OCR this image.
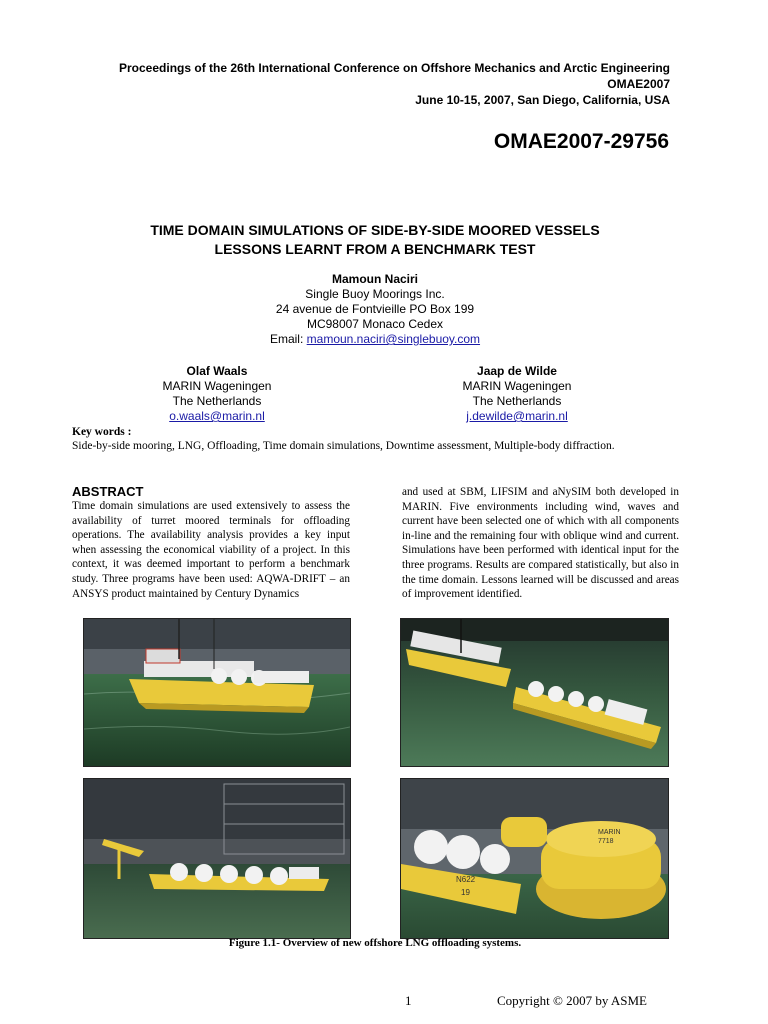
Proceedings of the 26th International Conference on Offshore Mechanics and Arctic Engineering
OMAE2007
June 10-15, 2007, San Diego, California, USA
OMAE2007-29756
TIME DOMAIN SIMULATIONS OF SIDE-BY-SIDE MOORED VESSELS
LESSONS LEARNT FROM A BENCHMARK TEST
Mamoun Naciri
Single Buoy Moorings Inc.
24 avenue de Fontvieille PO Box 199
MC98007 Monaco Cedex
Email: mamoun.naciri@singlebuoy.com
Olaf Waals
MARIN Wageningen
The Netherlands
o.waals@marin.nl
Jaap de Wilde
MARIN Wageningen
The Netherlands
j.dewilde@marin.nl
Key words :
Side-by-side mooring, LNG, Offloading, Time domain simulations, Downtime assessment, Multiple-body diffraction.
ABSTRACT
Time domain simulations are used extensively to assess the availability of turret moored terminals for offloading operations. The availability analysis provides a key input when assessing the economical viability of a project. In this context, it was deemed important to perform a benchmark study. Three programs have been used: AQWA-DRIFT – an ANSYS product maintained by Century Dynamics
and used at SBM, LIFSIM and aNySIM both developed in MARIN. Five environments including wind, waves and current have been selected one of which with all components in-line and the remaining four with oblique wind and current. Simulations have been performed with identical input for the three programs. Results are compared statistically, but also in the time domain. Lessons learned will be discussed and areas of improvement identified.
N622
19
MARIN
7718
Figure 1.1- Overview of new offshore LNG offloading systems.
1	Copyright © 2007 by ASME
